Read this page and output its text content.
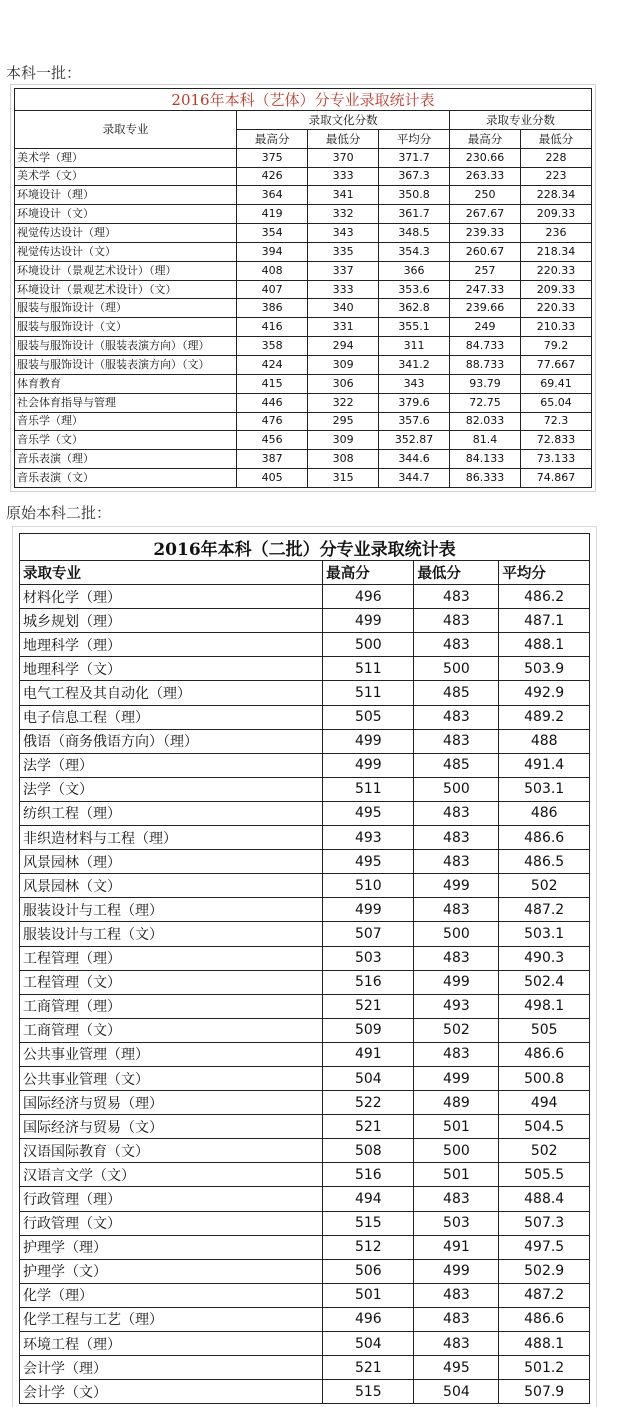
本科一批：
2016年本科（艺体）分专业录取统计表					
录取专业	录取文化分数			录取专业分数	
	最高分	最低分	平均分	最高分	最低分
美术学（理）	375	370	371.7	230.66	228
美术学（文）	426	333	367.3	263.33	223
环境设计（理）	364	341	350.8	250	228.34
环境设计（文）	419	332	361.7	267.67	209.33
视觉传达设计（理）	354	343	348.5	239.33	236
视觉传达设计（文）	394	335	354.3	260.67	218.34
环境设计（景观艺术设计）（理）	408	337	366	257	220.33
环境设计（景观艺术设计）（文）	407	333	353.6	247.33	209.33
服装与服饰设计（理）	386	340	362.8	239.66	220.33
服装与服饰设计（文）	416	331	355.1	249	210.33
服装与服饰设计（服装表演方向）（理）	358	294	311	84.733	79.2
服装与服饰设计（服装表演方向）（文）	424	309	341.2	88.733	77.667
体育教育	415	306	343	93.79	69.41
社会体育指导与管理	446	322	379.6	72.75	65.04
音乐学（理）	476	295	357.6	82.033	72.3
音乐学（文）	456	309	352.87	81.4	72.833
音乐表演（理）	387	308	344.6	84.133	73.133
音乐表演（文）	405	315	344.7	86.333	74.867
原始本科二批：
2016年本科（二批）分专业录取统计表			
录取专业	最高分	最低分	平均分
材料化学（理）	496	483	486.2
城乡规划（理）	499	483	487.1
地理科学（理）	500	483	488.1
地理科学（文）	511	500	503.9
电气工程及其自动化（理）	511	485	492.9
电子信息工程（理）	505	483	489.2
俄语（商务俄语方向）（理）	499	483	488
法学（理）	499	485	491.4
法学（文）	511	500	503.1
纺织工程（理）	495	483	486
非织造材料与工程（理）	493	483	486.6
风景园林（理）	495	483	486.5
风景园林（文）	510	499	502
服装设计与工程（理）	499	483	487.2
服装设计与工程（文）	507	500	503.1
工程管理（理）	503	483	490.3
工程管理（文）	516	499	502.4
工商管理（理）	521	493	498.1
工商管理（文）	509	502	505
公共事业管理（理）	491	483	486.6
公共事业管理（文）	504	499	500.8
国际经济与贸易（理）	522	489	494
国际经济与贸易（文）	521	501	504.5
汉语国际教育（文）	508	500	502
汉语言文学（文）	516	501	505.5
行政管理（理）	494	483	488.4
行政管理（文）	515	503	507.3
护理学（理）	512	491	497.5
护理学（文）	506	499	502.9
化学（理）	501	483	487.2
化学工程与工艺（理）	496	483	486.6
环境工程（理）	504	483	488.1
会计学（理）	521	495	501.2
会计学（文）	515	504	507.9
